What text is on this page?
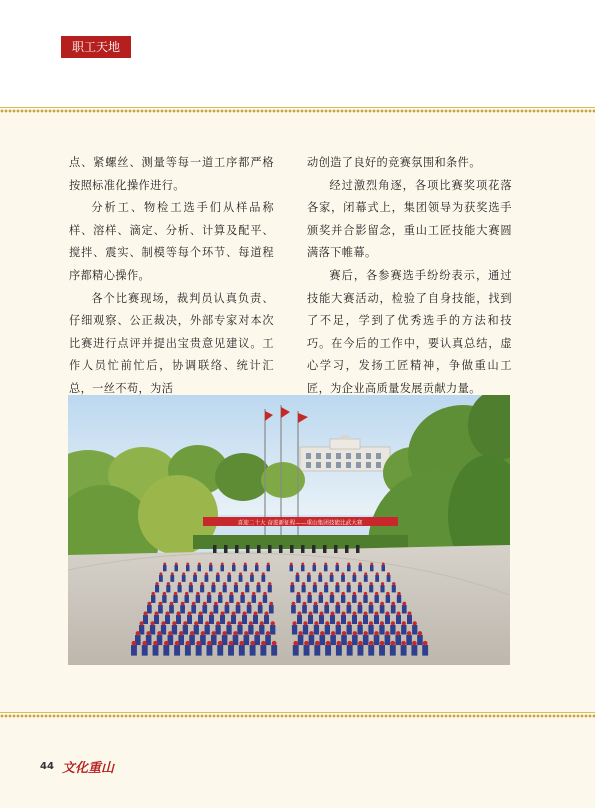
职工天地

点、紧螺丝、测量等每一道工序都严格按照标准化操作进行。

分析工、物检工选手们从样品称样、溶样、滴定、分析、计算及配平、搅拌、震实、制模等每个环节、每道程序都精心操作。

各个比赛现场，裁判员认真负责、仔细观察、公正裁决，外部专家对本次比赛进行点评并提出宝贵意见建议。工作人员忙前忙后，协调联络、统计汇总，一丝不苟，为活

动创造了良好的竞赛氛围和条件。

经过激烈角逐，各项比赛奖项花落各家，闭幕式上，集团领导为获奖选手颁奖并合影留念，重山工匠技能大赛圆满落下帷幕。

赛后，各参赛选手纷纷表示，通过技能大赛活动，检验了自身技能，找到了不足，学到了优秀选手的方法和技巧。在今后的工作中，要认真总结，虚心学习，发扬工匠精神，争做重山工匠，为企业高质量发展贡献力量。

喜迎二十大 奋进新征程——重山集团技能比武大赛
44 文化重山
